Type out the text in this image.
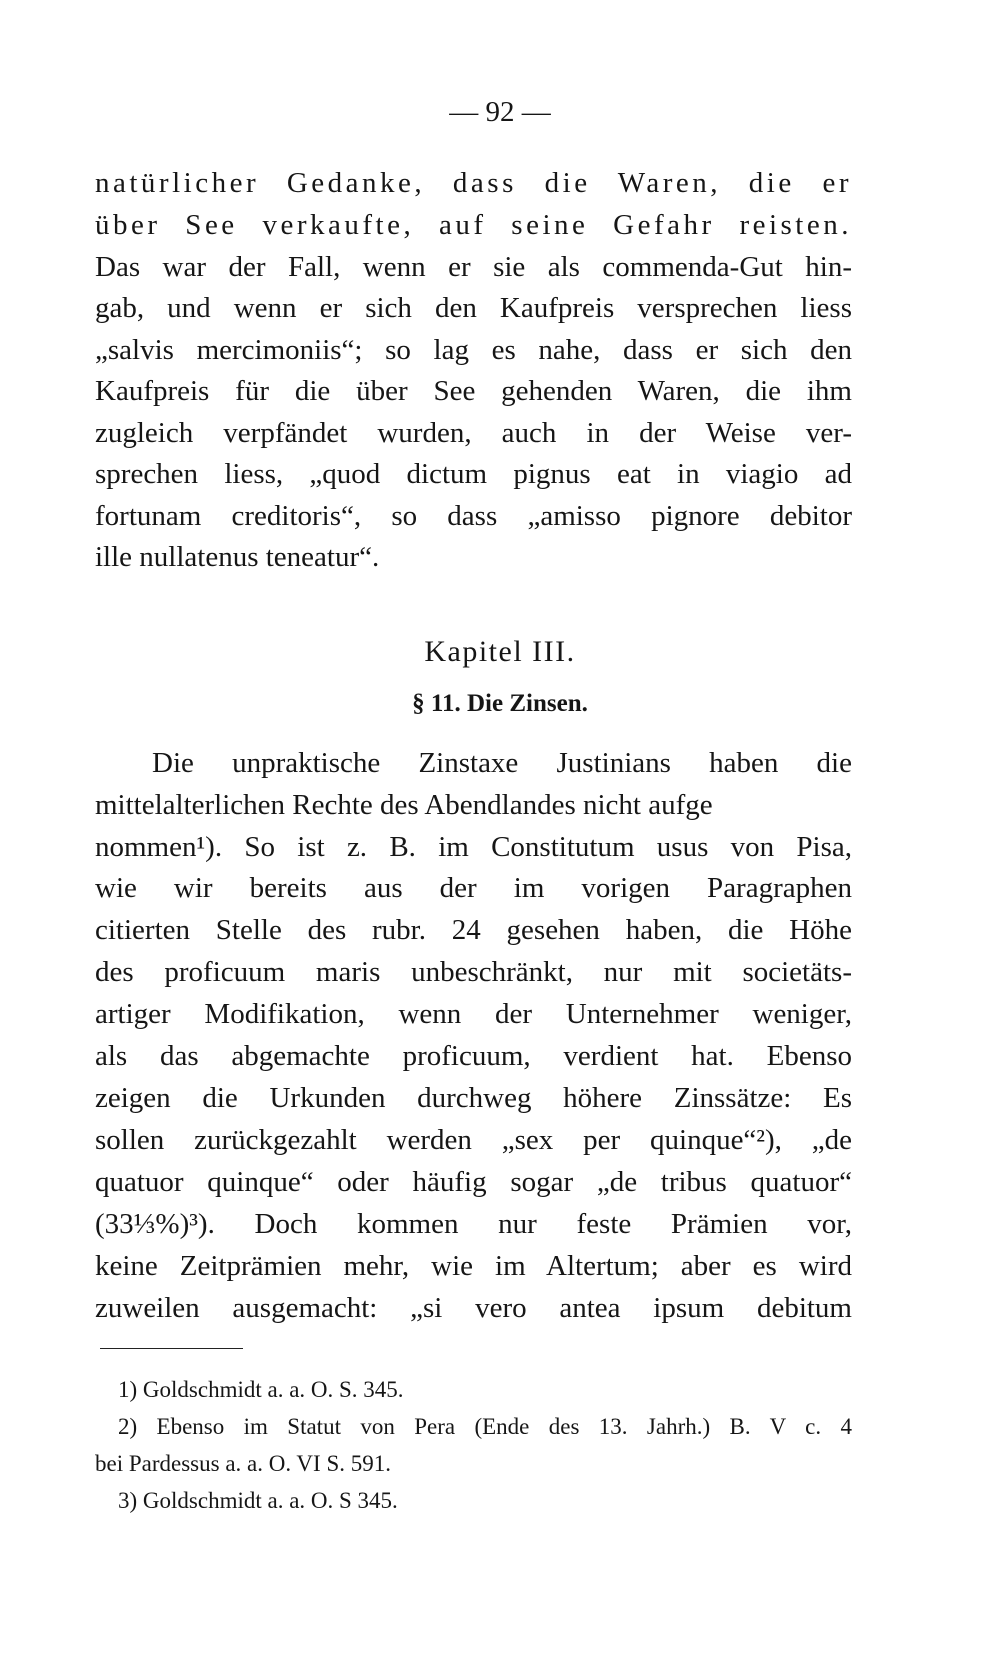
— 92 —
natürlicher Gedanke, dass die Waren, die er
über See verkaufte, auf seine Gefahr reisten.
Das war der Fall, wenn er sie als commenda-Gut hin-
gab, und wenn er sich den Kaufpreis versprechen liess
„salvis mercimoniis“; so lag es nahe, dass er sich den
Kaufpreis für die über See gehenden Waren, die ihm
zugleich verpfändet wurden, auch in der Weise ver-
sprechen liess, „quod dictum pignus eat in viagio ad
fortunam creditoris“, so dass „amisso pignore debitor
ille nullatenus teneatur“.
Kapitel III.
§ 11. Die Zinsen.
Die unpraktische Zinstaxe Justinians haben die
mittelalterlichen Rechte des Abendlandes nicht aufge
nommen¹). So ist z. B. im Constitutum usus von Pisa,
wie wir bereits aus der im vorigen Paragraphen
citierten Stelle des rubr. 24 gesehen haben, die Höhe
des proficuum maris unbeschränkt, nur mit societäts-
artiger Modifikation, wenn der Unternehmer weniger,
als das abgemachte proficuum, verdient hat. Ebenso
zeigen die Urkunden durchweg höhere Zinssätze: Es
sollen zurückgezahlt werden „sex per quinque“²), „de
quatuor quinque“ oder häufig sogar „de tribus quatuor“
(33⅓%)³). Doch kommen nur feste Prämien vor,
keine Zeitprämien mehr, wie im Altertum; aber es wird
zuweilen ausgemacht: „si vero antea ipsum debitum
1) Goldschmidt a. a. O. S. 345.
2) Ebenso im Statut von Pera (Ende des 13. Jahrh.) B. V c. 4
bei Pardessus a. a. O. VI S. 591.
3) Goldschmidt a. a. O. S 345.
